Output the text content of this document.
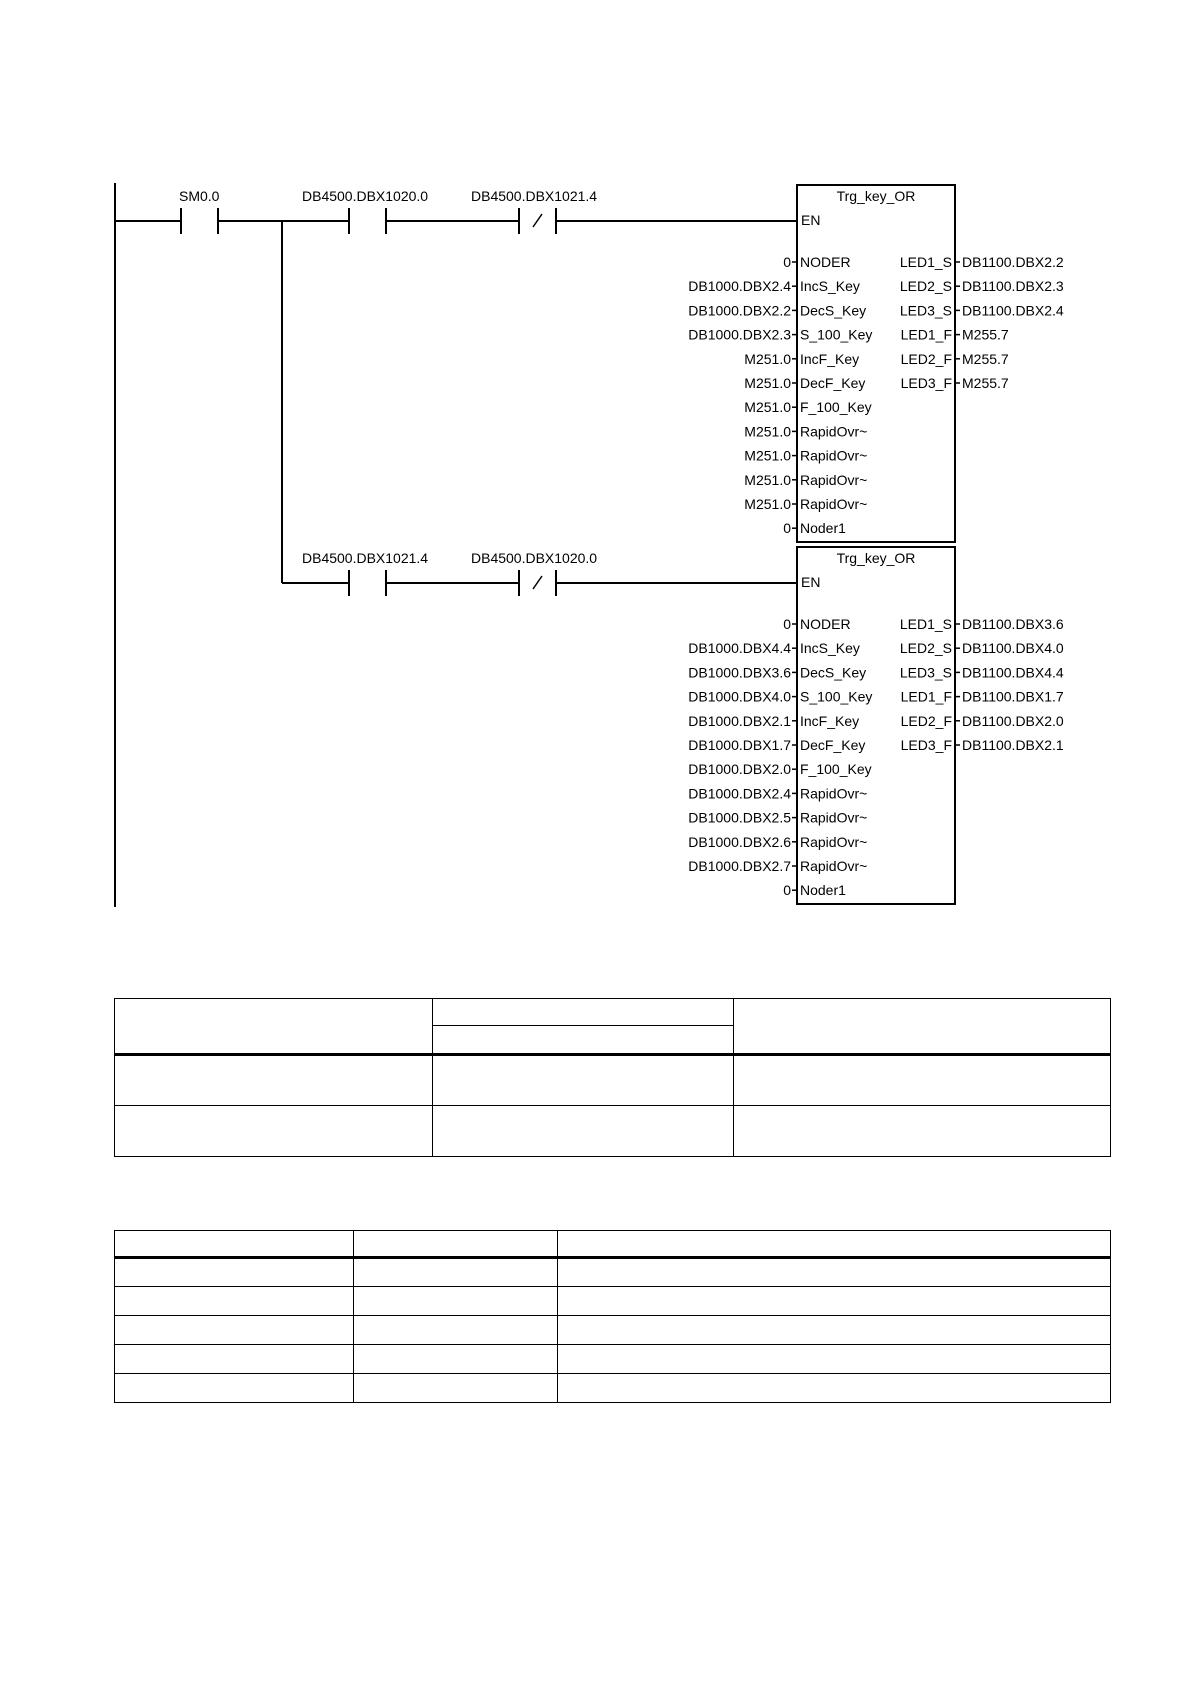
SM0.0	DB4500.DBX1020.0	DB4500.DBX1021.4
DB4500.DBX1021.4	DB4500.DBX1020.0
Trg_key_OR
EN
0 NODER
DB1000.DBX2.4 IncS_Key
DB1000.DBX2.2 DecS_Key
DB1000.DBX2.3 S_100_Key
M251.0 IncF_Key
M251.0 DecF_Key
M251.0 F_100_Key
M251.0 RapidOvr~
M251.0 RapidOvr~
M251.0 RapidOvr~
M251.0 RapidOvr~
0 Noder1
LED1_S DB1100.DBX2.2
LED2_S DB1100.DBX2.3
LED3_S DB1100.DBX2.4
LED1_F M255.7
LED2_F M255.7
LED3_F M255.7
Trg_key_OR
EN
0 NODER
DB1000.DBX4.4 IncS_Key
DB1000.DBX3.6 DecS_Key
DB1000.DBX4.0 S_100_Key
DB1000.DBX2.1 IncF_Key
DB1000.DBX1.7 DecF_Key
DB1000.DBX2.0 F_100_Key
DB1000.DBX2.4 RapidOvr~
DB1000.DBX2.5 RapidOvr~
DB1000.DBX2.6 RapidOvr~
DB1000.DBX2.7 RapidOvr~
0 Noder1
LED1_S DB1100.DBX3.6
LED2_S DB1100.DBX4.0
LED3_S DB1100.DBX4.4
LED1_F DB1100.DBX1.7
LED2_F DB1100.DBX2.0
LED3_F DB1100.DBX2.1
